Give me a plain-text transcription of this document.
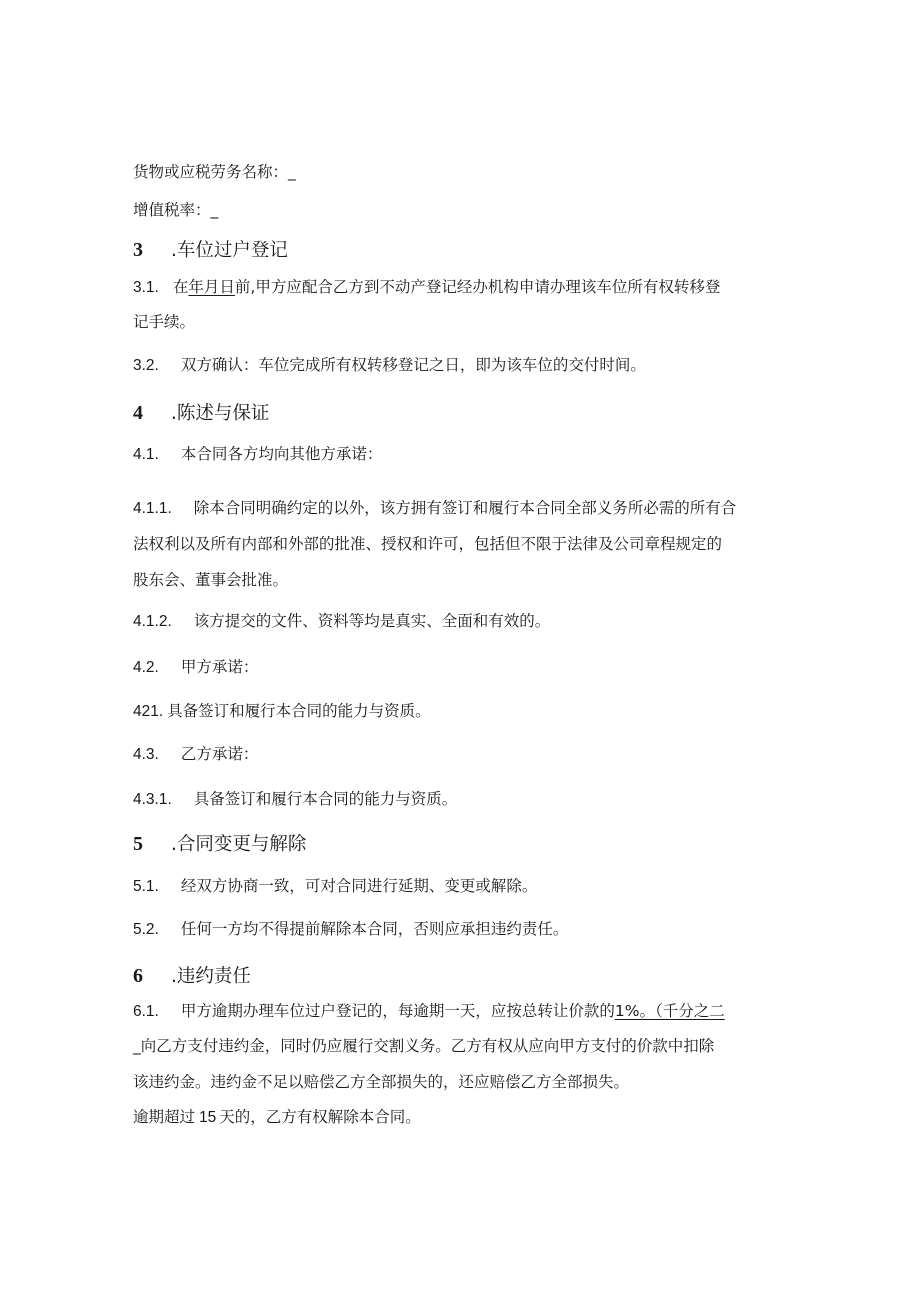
货物或应税劳务名称：_
增值税率：_
3 .车位过户登记
3.1. 在年月日前,甲方应配合乙方到不动产登记经办机构申请办理该车位所有权转移登
记手续。
3.2. 双方确认：车位完成所有权转移登记之日，即为该车位的交付时间。
4 .陈述与保证
4.1. 本合同各方均向其他方承诺：
4.1.1. 除本合同明确约定的以外，该方拥有签订和履行本合同全部义务所必需的所有合
法权利以及所有内部和外部的批准、授权和许可，包括但不限于法律及公司章程规定的
股东会、董事会批准。
4.1.2. 该方提交的文件、资料等均是真实、全面和有效的。
4.2. 甲方承诺：
421. 具备签订和履行本合同的能力与资质。
4.3. 乙方承诺：
4.3.1. 具备签订和履行本合同的能力与资质。
5 .合同变更与解除
5.1. 经双方协商一致，可对合同进行延期、变更或解除。
5.2. 任何一方均不得提前解除本合同，否则应承担违约责任。
6 .违约责任
6.1. 甲方逾期办理车位过户登记的，每逾期一天，应按总转让价款的1%。（千分之二
_向乙方支付违约金，同时仍应履行交割义务。乙方有权从应向甲方支付的价款中扣除
该违约金。违约金不足以赔偿乙方全部损失的，还应赔偿乙方全部损失。
逾期超过 15 天的，乙方有权解除本合同。
